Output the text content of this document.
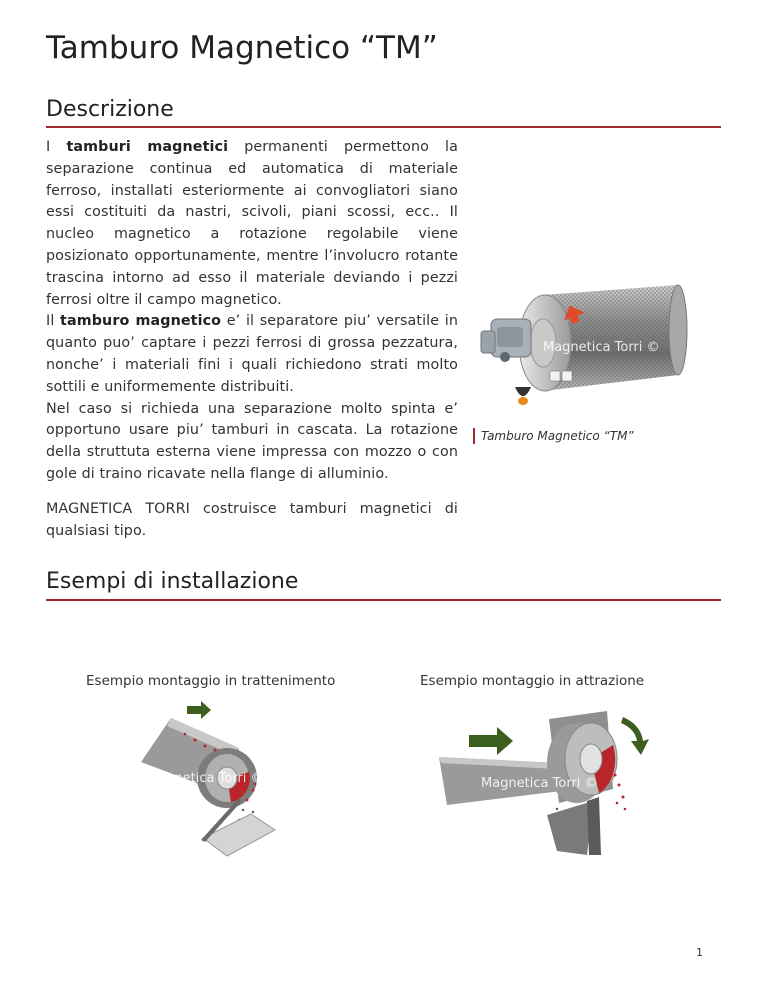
Tamburo Magnetico “TM”
Descrizione

I tamburi magnetici permanenti permettono la separazione continua ed automatica di materiale ferroso, installati esteriormente ai convogliatori siano essi costituiti da nastri, scivoli, piani scossi, ecc.. Il nucleo magnetico a rotazione regolabile viene posizionato opportunamente, mentre l’involucro rotante trascina intorno ad esso il materiale deviando i pezzi ferrosi oltre il campo magnetico.

Il tamburo magnetico e’ il separatore piu’ versatile in quanto puo’ captare i pezzi ferrosi di grossa pezzatura, nonche’ i materiali fini i quali richiedono strati molto sottili e uniformemente distribuiti.

Nel caso si richieda una separazione molto spinta e’ opportuno usare piu’ tamburi in cascata. La rotazione della struttuta esterna viene impressa con mozzo o con gole di traino ricavate nella flange di alluminio.

MAGNETICA TORRI costruisce tamburi magnetici di qualsiasi tipo.

Magnetica Torri ©
Tamburo Magnetico “TM”
Esempi di installazione
Esempio montaggio in trattenimento	Esempio montaggio in attrazione
Magnetica Torri ©	Magnetica Torri ©
1
